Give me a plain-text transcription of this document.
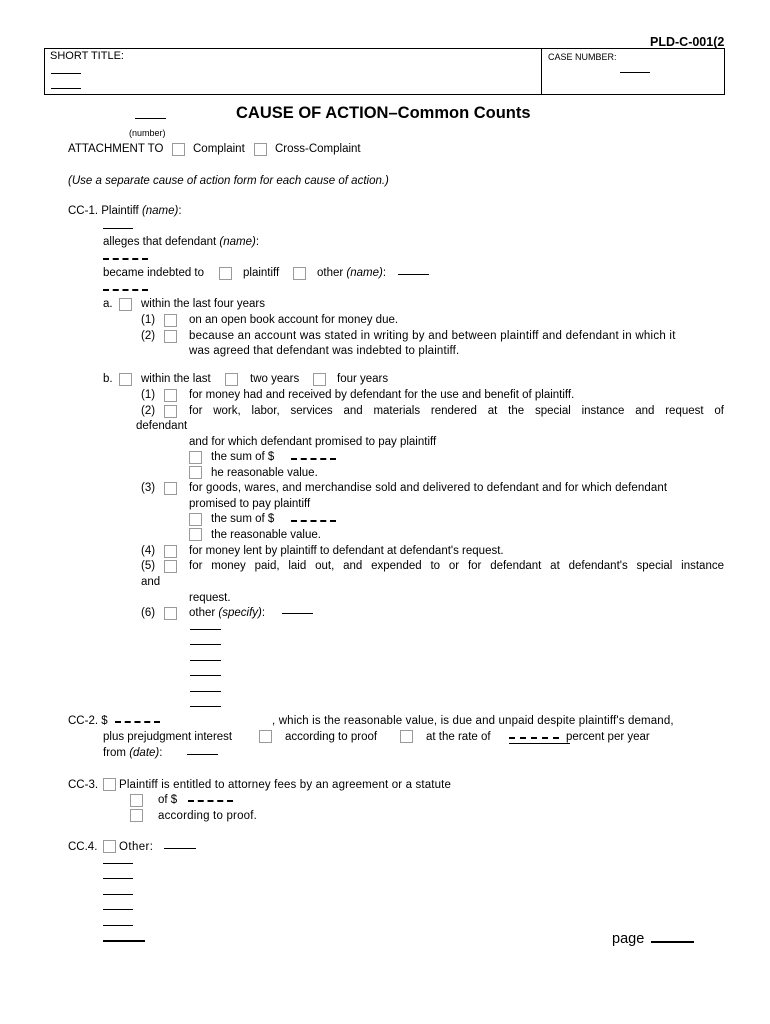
PLD-C-001(2
SHORT TITLE:	CASE NUMBER:
CAUSE OF ACTION–Common Counts
(number)
ATTACHMENT TO	Complaint	Cross-Complaint
(Use a separate cause of action form for each cause of action.)
CC-1. Plaintiff (name):
alleges that defendant (name):
became indebted to	plaintiff	other (name):
a. within the last four years
(1)	on an open book account for money due.
(2)	because an account was stated in writing by and between plaintiff and defendant in which it
was agreed that defendant was indebted to plaintiff.
b. within the last	two years	four years
(1)	for money had and received by defendant for the use and benefit of plaintiff.
(2)	for work, labor, services and materials rendered at the special instance and request of
defendant
and for which defendant promised to pay plaintiff
the sum of $
he reasonable value.
(3)	for goods, wares, and merchandise sold and delivered to defendant and for which defendant
promised to pay plaintiff
the sum of $
the reasonable value.
(4)	for money lent by plaintiff to defendant at defendant's request.
(5)	for money paid, laid out, and expended to or for defendant at defendant's special instance
and
request.
(6)	other (specify):
CC-2. $	, which is the reasonable value, is due and unpaid despite plaintiff's demand,
plus prejudgment interest	according to proof	at the rate of	percent per year
from (date):
CC-3. Plaintiff is entitled to attorney fees by an agreement or a statute
of $
according to proof.
CC.4. Other:
page
